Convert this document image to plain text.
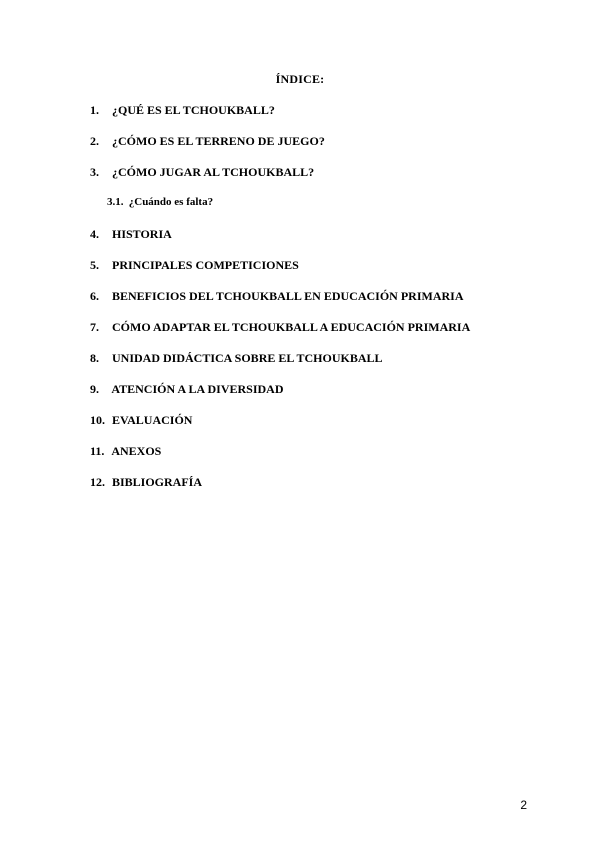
ÍNDICE:
1. ¿QUÉ ES EL TCHOUKBALL?
2. ¿CÓMO ES EL TERRENO DE JUEGO?
3. ¿CÓMO JUGAR AL TCHOUKBALL?
3.1. ¿Cuándo es falta?
4. HISTORIA
5. PRINCIPALES COMPETICIONES
6. BENEFICIOS DEL TCHOUKBALL EN EDUCACIÓN PRIMARIA
7. CÓMO ADAPTAR EL TCHOUKBALL A EDUCACIÓN PRIMARIA
8. UNIDAD DIDÁCTICA SOBRE EL TCHOUKBALL
9. ATENCIÓN A LA DIVERSIDAD
10. EVALUACIÓN
11. ANEXOS
12. BIBLIOGRAFÍA
2
